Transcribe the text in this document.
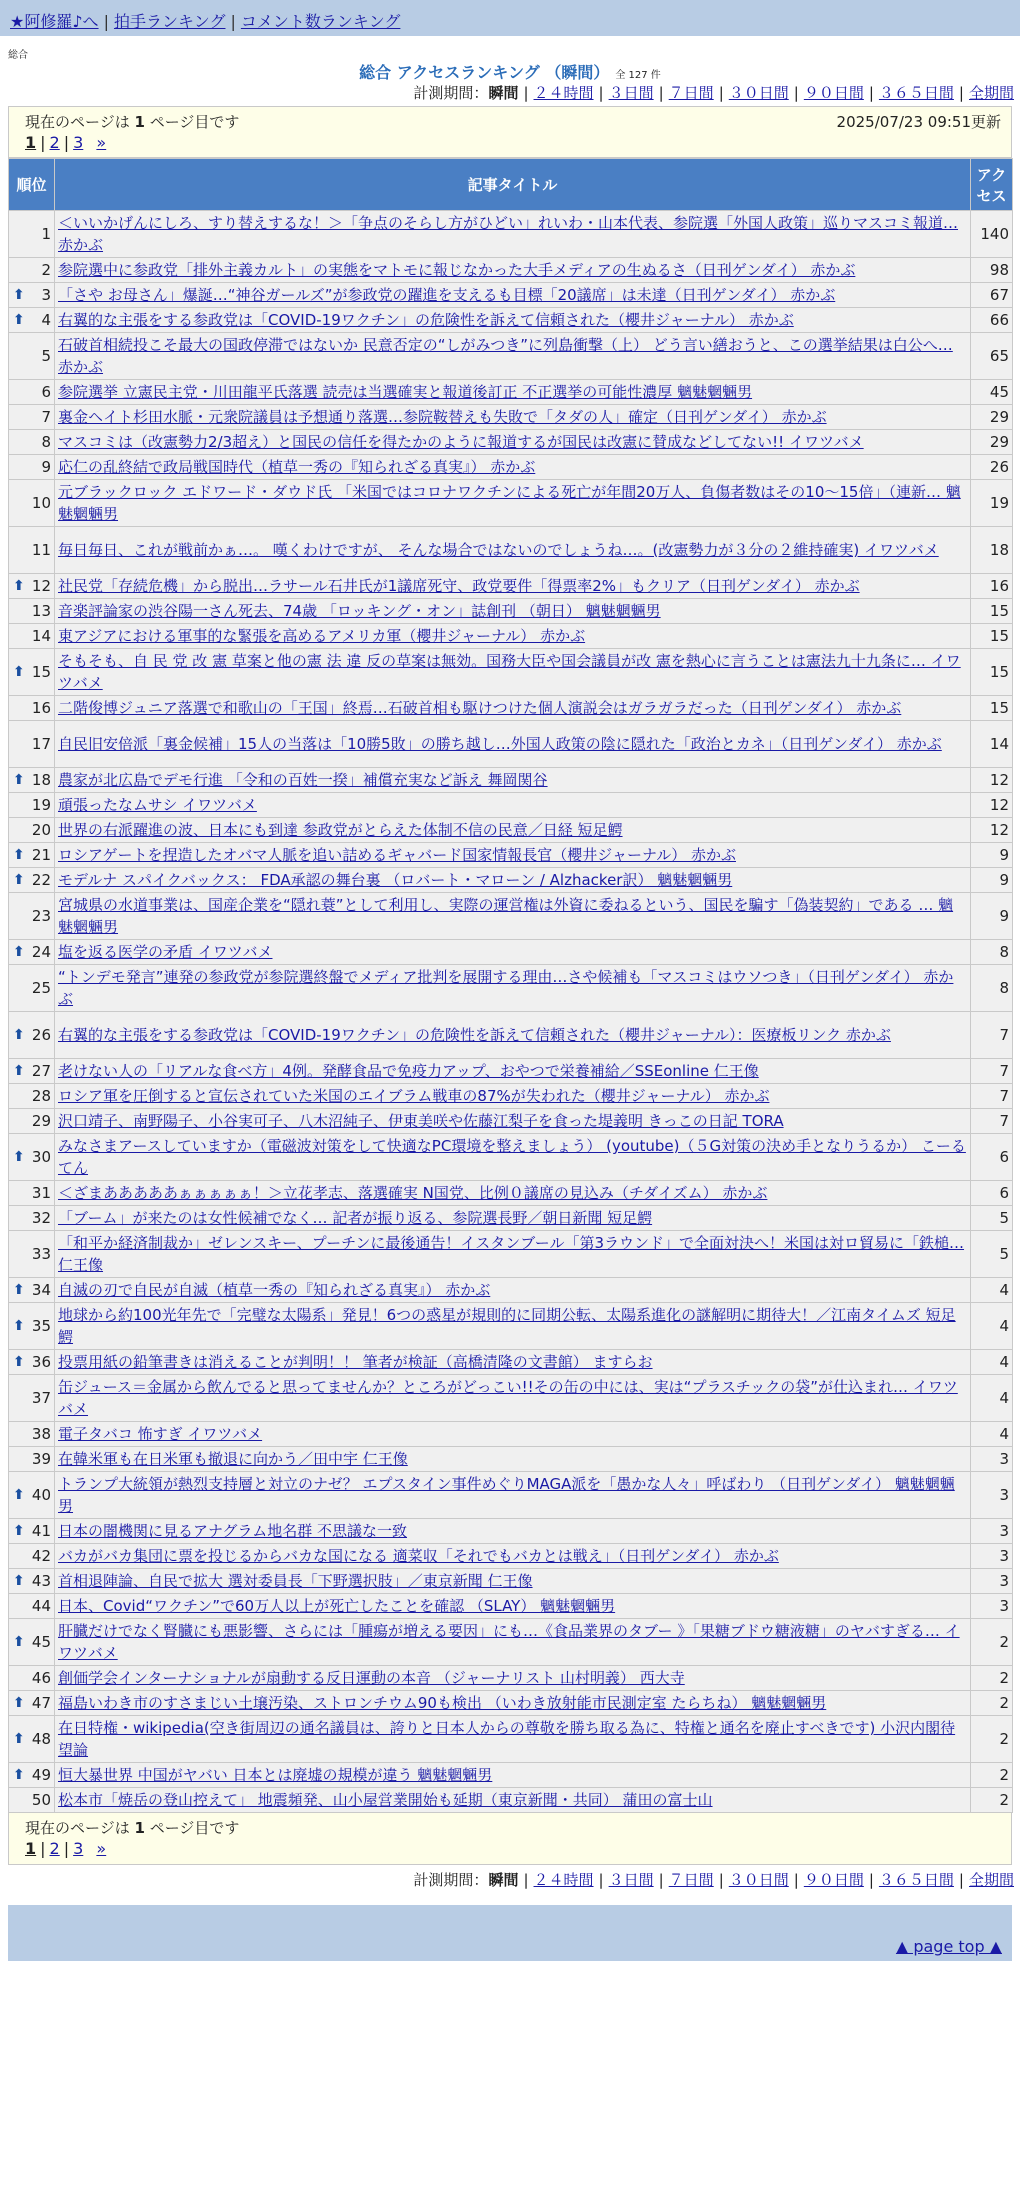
★阿修羅♪へ | 拍手ランキング | コメント数ランキング
総合
総合 アクセスランキング （瞬間） 全 127 件
計測期間：瞬間 | ２４時間 | ３日間 | ７日間 | ３０日間 | ９０日間 | ３６５日間 | 全期間
現在のページは 1 ページ目です	2025/07/23 09:51更新
1 | 2 | 3 »
順位	記事タイトル	アクセス
1	＜いいかげんにしろ、すり替えするな！＞「争点のそらし方がひどい」れいわ・山本代表、参院選「外国人政策」巡りマスコミ報道… 赤かぶ	140
2	参院選中に参政党「排外主義カルト」の実態をマトモに報じなかった大手メディアの生ぬるさ（日刊ゲンダイ） 赤かぶ	98

⬆ 3	「さや お母さん」爆誕…“神谷ガールズ”が参政党の躍進を支えるも目標「20議席」は未達（日刊ゲンダイ） 赤かぶ	67

⬆ 4	右翼的な主張をする参政党は「COVID-19ワクチン」の危険性を訴えて信頼された（櫻井ジャーナル） 赤かぶ	66
5	石破首相続投こそ最大の国政停滞ではないか 民意否定の“しがみつき”に列島衝撃（上） どう言い繕おうと、この選挙結果は白公へ… 赤かぶ	65
6	参院選挙 立憲民主党・川田龍平氏落選 読売は当選確実と報道後訂正 不正選挙の可能性濃厚 魑魅魍魎男	45
7	裏金ヘイト杉田水脈・元衆院議員は予想通り落選…参院鞍替えも失敗で「タダの人」確定（日刊ゲンダイ） 赤かぶ	29
8	マスコミは（改憲勢力2/3超え）と国民の信任を得たかのように報道するが国民は改憲に賛成などしてない!! イワツバメ	29
9	応仁の乱終結で政局戦国時代（植草一秀の『知られざる真実』） 赤かぶ	26
10	元ブラックロック エドワード・ダウド氏 「米国ではコロナワクチンによる死亡が年間20万人、負傷者数はその10～15倍」（連新… 魑魅魍魎男	19
11	毎日毎日、これが戦前かぁ…。 嘆くわけですが、 そんな場合ではないのでしょうね…。(改憲勢力が３分の２維持確実) イワツバメ	18

⬆ 12	社民党「存続危機」から脱出…ラサール石井氏が1議席死守、政党要件「得票率2%」もクリア（日刊ゲンダイ） 赤かぶ	16
13	音楽評論家の渋谷陽一さん死去、74歳 「ロッキング・オン」誌創刊 （朝日） 魑魅魍魎男	15
14	東アジアにおける軍事的な緊張を高めるアメリカ軍（櫻井ジャーナル） 赤かぶ	15

⬆ 15	そもそも、自 民 党 改 憲 草案と他の憲 法 違 反の草案は無効。国務大臣や国会議員が改 憲を熱心に言うことは憲法九十九条に… イワツバメ	15
16	二階俊博ジュニア落選で和歌山の「王国」終焉…石破首相も駆けつけた個人演説会はガラガラだった（日刊ゲンダイ） 赤かぶ	15
17	自民旧安倍派「裏金候補」15人の当落は「10勝5敗」の勝ち越し…外国人政策の陰に隠れた「政治とカネ」（日刊ゲンダイ） 赤かぶ	14

⬆ 18	農家が北広島でデモ行進 「令和の百姓一揆」補償充実など訴え 舞岡関谷	12
19	頑張ったなムサシ イワツバメ	12
20	世界の右派躍進の波、日本にも到達 参政党がとらえた体制不信の民意／日経 短足鰐	12

⬆ 21	ロシアゲートを捏造したオバマ人脈を追い詰めるギャバード国家情報長官（櫻井ジャーナル） 赤かぶ	9

⬆ 22	モデルナ スパイクバックス： FDA承認の舞台裏 （ロバート・マローン / Alzhacker訳） 魑魅魍魎男	9
23	宮城県の水道事業は、国産企業を“隠れ蓑”として利用し、実際の運営権は外資に委ねるという、国民を騙す「偽装契約」である … 魑魅魍魎男	9

⬆ 24	塩を返る医学の矛盾 イワツバメ	8
25	“トンデモ発言”連発の参政党が参院選終盤でメディア批判を展開する理由…さや候補も「マスコミはウソつき」（日刊ゲンダイ） 赤かぶ	8

⬆ 26	右翼的な主張をする参政党は「COVID-19ワクチン」の危険性を訴えて信頼された（櫻井ジャーナル）：医療板リンク 赤かぶ	7

⬆ 27	老けない人の「リアルな食べ方」4例。発酵食品で免疫力アップ、おやつで栄養補給／SSEonline 仁王像	7
28	ロシア軍を圧倒すると宣伝されていた米国のエイブラム戦車の87%が失われた（櫻井ジャーナル） 赤かぶ	7
29	沢口靖子、南野陽子、小谷実可子、八木沼純子、伊東美咲や佐藤江梨子を食った堤義明 きっこの日記 TORA	7

⬆ 30	みなさまアースしていますか（電磁波対策をして快適なPC環境を整えましょう） (youtube)（５G対策の決め手となりうるか） こーるてん	6
31	＜ざまあああああぁぁぁぁぁ！＞立花孝志、落選確実 N国党、比例０議席の見込み（チダイズム） 赤かぶ	6
32	「ブーム」が来たのは女性候補でなく… 記者が振り返る、参院選長野／朝日新聞 短足鰐	5
33	「和平か経済制裁か」ゼレンスキー、プーチンに最後通告！イスタンブール「第3ラウンド」で全面対決へ！米国は対ロ貿易に「鉄槌… 仁王像	5

⬆ 34	自滅の刃で自民が自滅（植草一秀の『知られざる真実』） 赤かぶ	4

⬆ 35	地球から約100光年先で「完璧な太陽系」発見！6つの惑星が規則的に同期公転、太陽系進化の謎解明に期待大！／江南タイムズ 短足鰐	4

⬆ 36	投票用紙の鉛筆書きは消えることが判明！！ 筆者が検証（高橋清隆の文書館） ますらお	4
37	缶ジュース＝金属から飲んでると思ってませんか？ところがどっこい!!その缶の中には、実は“プラスチックの袋”が仕込まれ… イワツバメ	4
38	電子タバコ 怖すぎ イワツバメ	4
39	在韓米軍も在日米軍も撤退に向かう／田中宇 仁王像	3

⬆ 40	トランプ大統領が熱烈支持層と対立のナゼ？ エプスタイン事件めぐりMAGA派を「愚かな人々」呼ばわり （日刊ゲンダイ） 魑魅魍魎男	3

⬆ 41	日本の闇機関に見るアナグラム地名群 不思議な一致	3
42	バカがバカ集団に票を投じるからバカな国になる 適菜収「それでもバカとは戦え」（日刊ゲンダイ） 赤かぶ	3

⬆ 43	首相退陣論、自民で拡大 選対委員長「下野選択肢」／東京新聞 仁王像	3
44	日本、Covid“ワクチン”で60万人以上が死亡したことを確認 （SLAY） 魑魅魍魎男	3

⬆ 45	肝臓だけでなく腎臓にも悪影響、さらには「腫瘍が増える要因」にも…《食品業界のタブー 》「果糖ブドウ糖液糖」のヤバすぎる… イワツバメ	2
46	創価学会インターナショナルが扇動する反日運動の本音 （ジャーナリスト 山村明義） 西大寺	2

⬆ 47	福島いわき市のすさまじい土壌汚染、ストロンチウム90も検出 （いわき放射能市民測定室 たらちね） 魑魅魍魎男	2

⬆ 48	在日特権・wikipedia(空き街周辺の通名議員は、誇りと日本人からの尊敬を勝ち取る為に、特権と通名を廃止すべきです) 小沢内閣待望論	2

⬆ 49	恒大暴世界 中国がヤバい 日本とは廃墟の規模が違う 魑魅魍魎男	2
50	松本市「焼岳の登山控えて」 地震頻発、山小屋営業開始も延期（東京新聞・共同） 蒲田の富士山	2
現在のページは 1 ページ目です
1 | 2 | 3 »
計測期間：瞬間 | ２４時間 | ３日間 | ７日間 | ３０日間 | ９０日間 | ３６５日間 | 全期間
▲ page top ▲
